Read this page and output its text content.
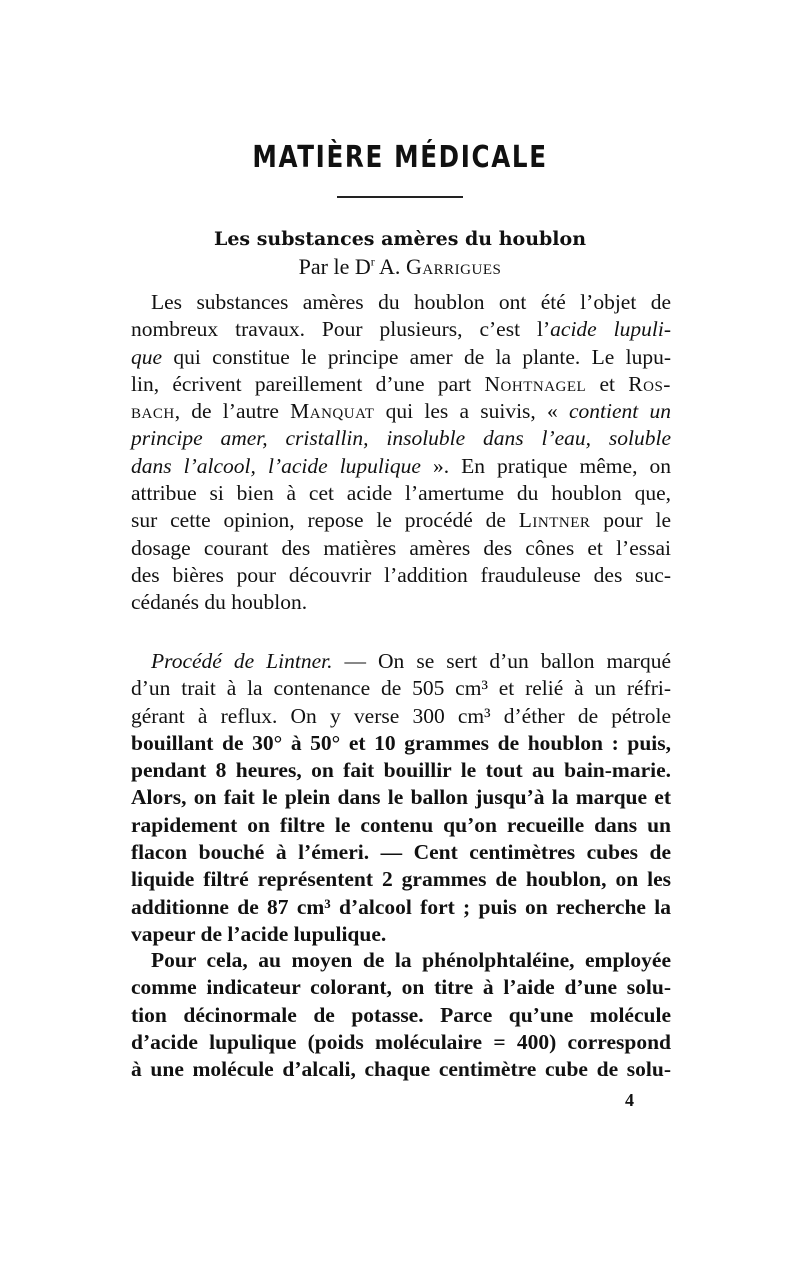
MATIÈRE MÉDICALE
Les substances amères du houblon
Par le $D^r$ A. Garrigues
Les substances amères du houblon ont été l’objet de
nombreux travaux. Pour plusieurs, c’est l’acide lupuli-
que qui constitue le principe amer de la plante. Le lupu-
lin, écrivent pareillement d’une part Nohtnagel et Ros-
bach, de l’autre Manquat qui les a suivis, « contient un
principe amer, cristallin, insoluble dans l’eau, soluble
dans l’alcool, l’acide lupulique ». En pratique même, on
attribue si bien à cet acide l’amertume du houblon que,
sur cette opinion, repose le procédé de Lintner pour le
dosage courant des matières amères des cônes et l’essai
des bières pour découvrir l’addition frauduleuse des suc-
cédanés du houblon.
Procédé de Lintner. — On se sert d’un ballon marqué
d’un trait à la contenance de 505 cm³ et relié à un réfri-
gérant à reflux. On y verse 300 cm³ d’éther de pétrole
bouillant de 30° à 50° et 10 grammes de houblon : puis,
pendant 8 heures, on fait bouillir le tout au bain-marie.
Alors, on fait le plein dans le ballon jusqu’à la marque et
rapidement on filtre le contenu qu’on recueille dans un
flacon bouché à l’émeri. — Cent centimètres cubes de
liquide filtré représentent 2 grammes de houblon, on les
additionne de 87 cm³ d’alcool fort ; puis on recherche la
vapeur de l’acide lupulique.
Pour cela, au moyen de la phénolphtaléine, employée
comme indicateur colorant, on titre à l’aide d’une solu-
tion décinormale de potasse. Parce qu’une molécule
d’acide lupulique (poids moléculaire = 400) correspond
à une molécule d’alcali, chaque centimètre cube de solu-
4
